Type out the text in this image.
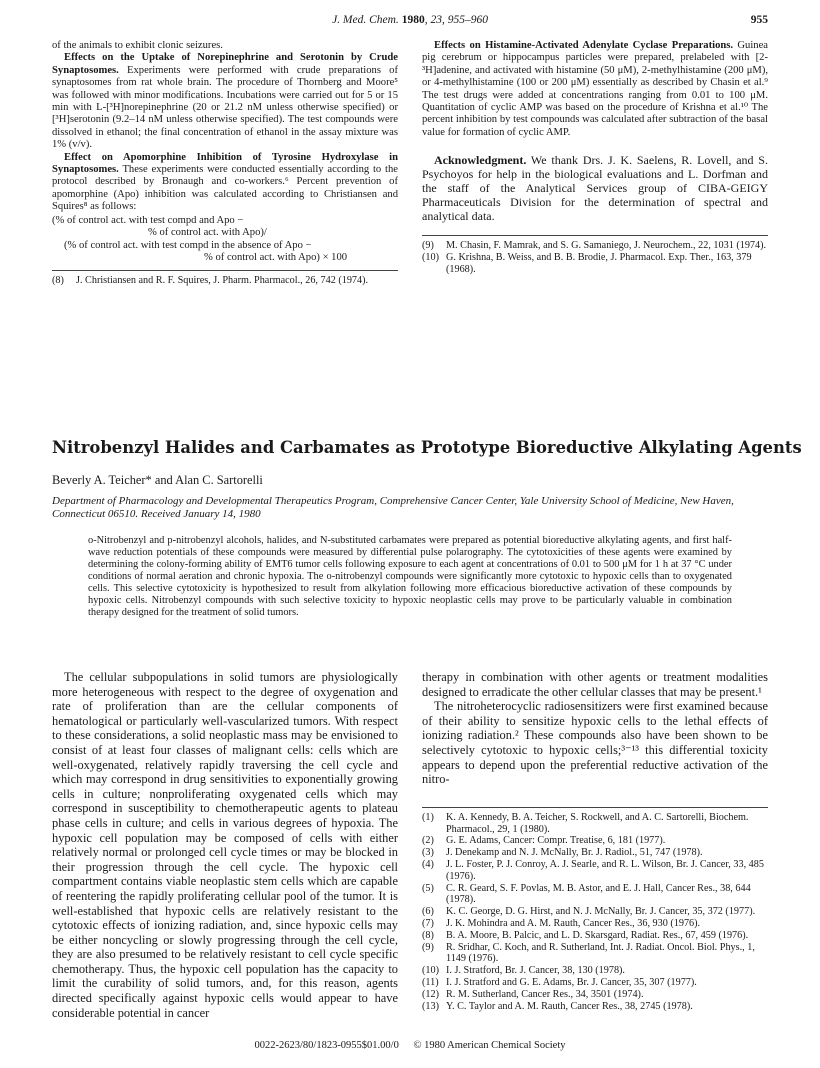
J. Med. Chem. 1980, 23, 955–960	955

of the animals to exhibit clonic seizures.

Effects on the Uptake of Norepinephrine and Serotonin by Crude Synaptosomes. Experiments were performed with crude preparations of synaptosomes from rat whole brain. The procedure of Thornberg and Moore⁵ was followed with minor modifications. Incubations were carried out for 5 or 15 min with L-[³H]norepinephrine (20 or 21.2 nM unless otherwise specified) or [³H]serotonin (9.2–14 nM unless otherwise specified). The test compounds were dissolved in ethanol; the final concentration of ethanol in the assay mixture was 1% (v/v).

Effect on Apomorphine Inhibition of Tyrosine Hydroxylase in Synaptosomes. These experiments were conducted essentially according to the protocol described by Bronaugh and co-workers.⁶ Percent prevention of apomorphine (Apo) inhibition was calculated according to Christiansen and Squires⁸ as follows:

(% of control act. with test compd and Apo −
% of control act. with Apo)/
(% of control act. with test compd in the absence of Apo −
% of control act. with Apo) × 100
(8)	J. Christiansen and R. F. Squires, J. Pharm. Pharmacol., 26, 742 (1974).

Effects on Histamine-Activated Adenylate Cyclase Preparations. Guinea pig cerebrum or hippocampus particles were prepared, prelabeled with [2-³H]adenine, and activated with histamine (50 μM), 2-methylhistamine (200 μM), or 4-methylhistamine (100 or 200 μM) essentially as described by Chasin et al.⁹ The test drugs were added at concentrations ranging from 0.01 to 100 μM. Quantitation of cyclic AMP was based on the procedure of Krishna et al.¹⁰ The percent inhibition by test compounds was calculated after subtraction of the basal value for formation of cyclic AMP.

Acknowledgment. We thank Drs. J. K. Saelens, R. Lovell, and S. Psychoyos for help in the biological evaluations and L. Dorfman and the staff of the Analytical Services group of CIBA-GEIGY Pharmaceuticals Division for the determination of spectral and analytical data.

(9)	M. Chasin, F. Mamrak, and S. G. Samaniego, J. Neurochem., 22, 1031 (1974).
(10) G. Krishna, B. Weiss, and B. B. Brodie, J. Pharmacol. Exp. Ther., 163, 379 (1968).
Nitrobenzyl Halides and Carbamates as Prototype Bioreductive Alkylating Agents
Beverly A. Teicher* and Alan C. Sartorelli
Department of Pharmacology and Developmental Therapeutics Program, Comprehensive Cancer Center, Yale University School of Medicine, New Haven, Connecticut 06510. Received January 14, 1980
o-Nitrobenzyl and p-nitrobenzyl alcohols, halides, and N-substituted carbamates were prepared as potential bioreductive alkylating agents, and first half-wave reduction potentials of these compounds were measured by differential pulse polarography. The cytotoxicities of these agents were examined by determining the colony-forming ability of EMT6 tumor cells following exposure to each agent at concentrations of 0.01 to 500 μM for 1 h at 37 °C under conditions of normal aeration and chronic hypoxia. The o-nitrobenzyl compounds were significantly more cytotoxic to hypoxic cells than to oxygenated cells. This selective cytotoxicity is hypothesized to result from alkylation following more efficacious bioreductive activation of these compounds by hypoxic cells. Nitrobenzyl compounds with such selective toxicity to hypoxic neoplastic cells may prove to be particularly valuable in combination therapy designed for the treatment of solid tumors.

The cellular subpopulations in solid tumors are physiologically more heterogeneous with respect to the degree of oxygenation and rate of proliferation than are the cellular components of hematological or particularly well-vascularized tumors. With respect to these considerations, a solid neoplastic mass may be envisioned to consist of at least four classes of malignant cells: cells which are well-oxygenated, relatively rapidly traversing the cell cycle and which may correspond in drug sensitivities to exponentially growing cells in culture; nonproliferating oxygenated cells which may correspond in susceptibility to chemotherapeutic agents to plateau phase cells in culture; and cells in various degrees of hypoxia. The hypoxic cell population may be composed of cells with either relatively normal or prolonged cell cycle times or may be blocked in their progression through the cell cycle. The hypoxic cell compartment contains viable neoplastic stem cells which are capable of reentering the rapidly proliferating cellular pool of the tumor. It is well-established that hypoxic cells are relatively resistant to the cytotoxic effects of ionizing radiation, and, since hypoxic cells may be either noncycling or slowly progressing through the cell cycle, they are also presumed to be relatively resistant to cell cycle specific chemotherapy. Thus, the hypoxic cell population has the capacity to limit the curability of solid tumors, and, for this reason, agents directed specifically against hypoxic cells would appear to have considerable potential in cancer

therapy in combination with other agents or treatment modalities designed to erradicate the other cellular classes that may be present.¹

The nitroheterocyclic radiosensitizers were first examined because of their ability to sensitize hypoxic cells to the lethal effects of ionizing radiation.² These compounds also have been shown to be selectively cytotoxic to hypoxic cells;³⁻¹³ this differential toxicity appears to depend upon the preferential reductive activation of the nitro-

(1)	K. A. Kennedy, B. A. Teicher, S. Rockwell, and A. C. Sartorelli, Biochem. Pharmacol., 29, 1 (1980).
(2)	G. E. Adams, Cancer: Compr. Treatise, 6, 181 (1977).
(3)	J. Denekamp and N. J. McNally, Br. J. Radiol., 51, 747 (1978).
(4)	J. L. Foster, P. J. Conroy, A. J. Searle, and R. L. Wilson, Br. J. Cancer, 33, 485 (1976).
(5)	C. R. Geard, S. F. Povlas, M. B. Astor, and E. J. Hall, Cancer Res., 38, 644 (1978).
(6)	K. C. George, D. G. Hirst, and N. J. McNally, Br. J. Cancer, 35, 372 (1977).
(7)	J. K. Mohindra and A. M. Rauth, Cancer Res., 36, 930 (1976).
(8)	B. A. Moore, B. Palcic, and L. D. Skarsgard, Radiat. Res., 67, 459 (1976).
(9)	R. Sridhar, C. Koch, and R. Sutherland, Int. J. Radiat. Oncol. Biol. Phys., 1, 1149 (1976).
(10) I. J. Stratford, Br. J. Cancer, 38, 130 (1978).
(11) I. J. Stratford and G. E. Adams, Br. J. Cancer, 35, 307 (1977).
(12) R. M. Sutherland, Cancer Res., 34, 3501 (1974).
(13) Y. C. Taylor and A. M. Rauth, Cancer Res., 38, 2745 (1978).
0022-2623/80/1823-0955$01.00/0 © 1980 American Chemical Society
